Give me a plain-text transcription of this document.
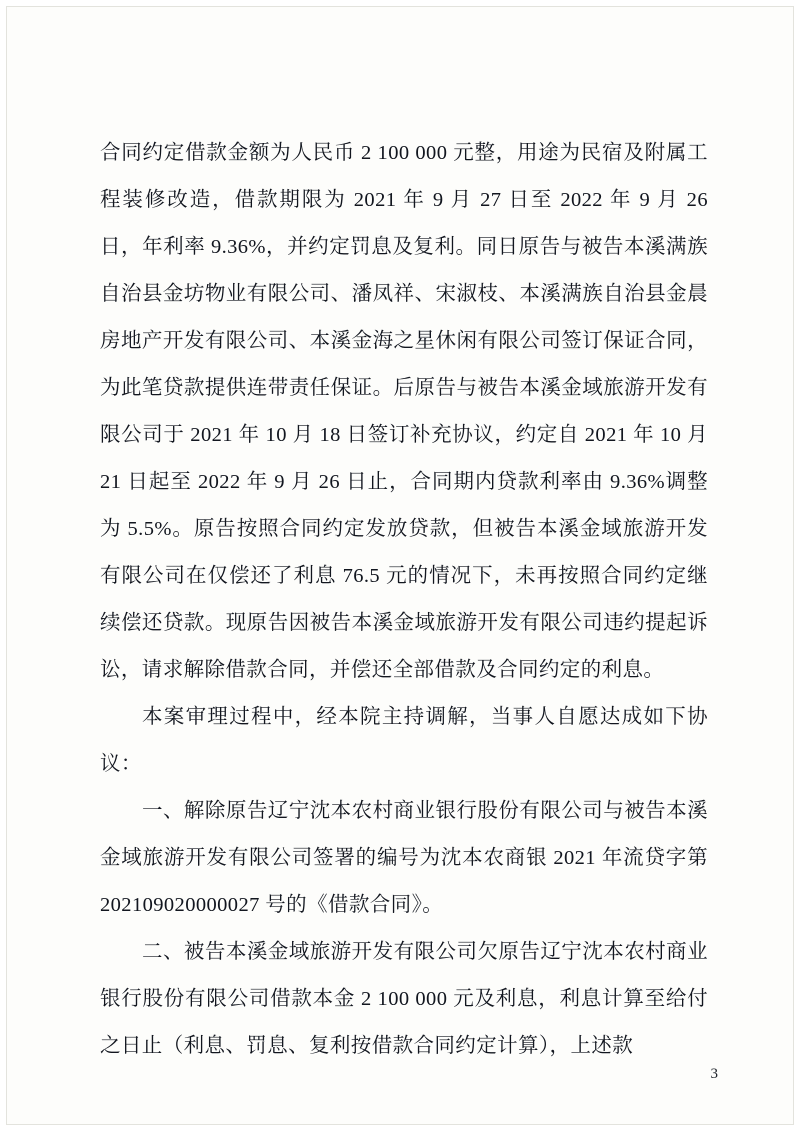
合同约定借款金额为人民币 2 100 000 元整，用途为民宿及附属工程装修改造，借款期限为 2021 年 9 月 27 日至 2022 年 9 月 26 日，年利率 9.36%，并约定罚息及复利。同日原告与被告本溪满族自治县金坊物业有限公司、潘凤祥、宋淑枝、本溪满族自治县金晨房地产开发有限公司、本溪金海之星休闲有限公司签订保证合同，为此笔贷款提供连带责任保证。后原告与被告本溪金域旅游开发有限公司于 2021 年 10 月 18 日签订补充协议，约定自 2021 年 10 月 21 日起至 2022 年 9 月 26 日止，合同期内贷款利率由 9.36%调整为 5.5%。原告按照合同约定发放贷款，但被告本溪金域旅游开发有限公司在仅偿还了利息 76.5 元的情况下，未再按照合同约定继续偿还贷款。现原告因被告本溪金域旅游开发有限公司违约提起诉讼，请求解除借款合同，并偿还全部借款及合同约定的利息。

本案审理过程中，经本院主持调解，当事人自愿达成如下协议：

一、解除原告辽宁沈本农村商业银行股份有限公司与被告本溪金域旅游开发有限公司签署的编号为沈本农商银 2021 年流贷字第 202109020000027 号的《借款合同》。

二、被告本溪金域旅游开发有限公司欠原告辽宁沈本农村商业银行股份有限公司借款本金 2 100 000 元及利息，利息计算至给付之日止（利息、罚息、复利按借款合同约定计算），上述款

3
